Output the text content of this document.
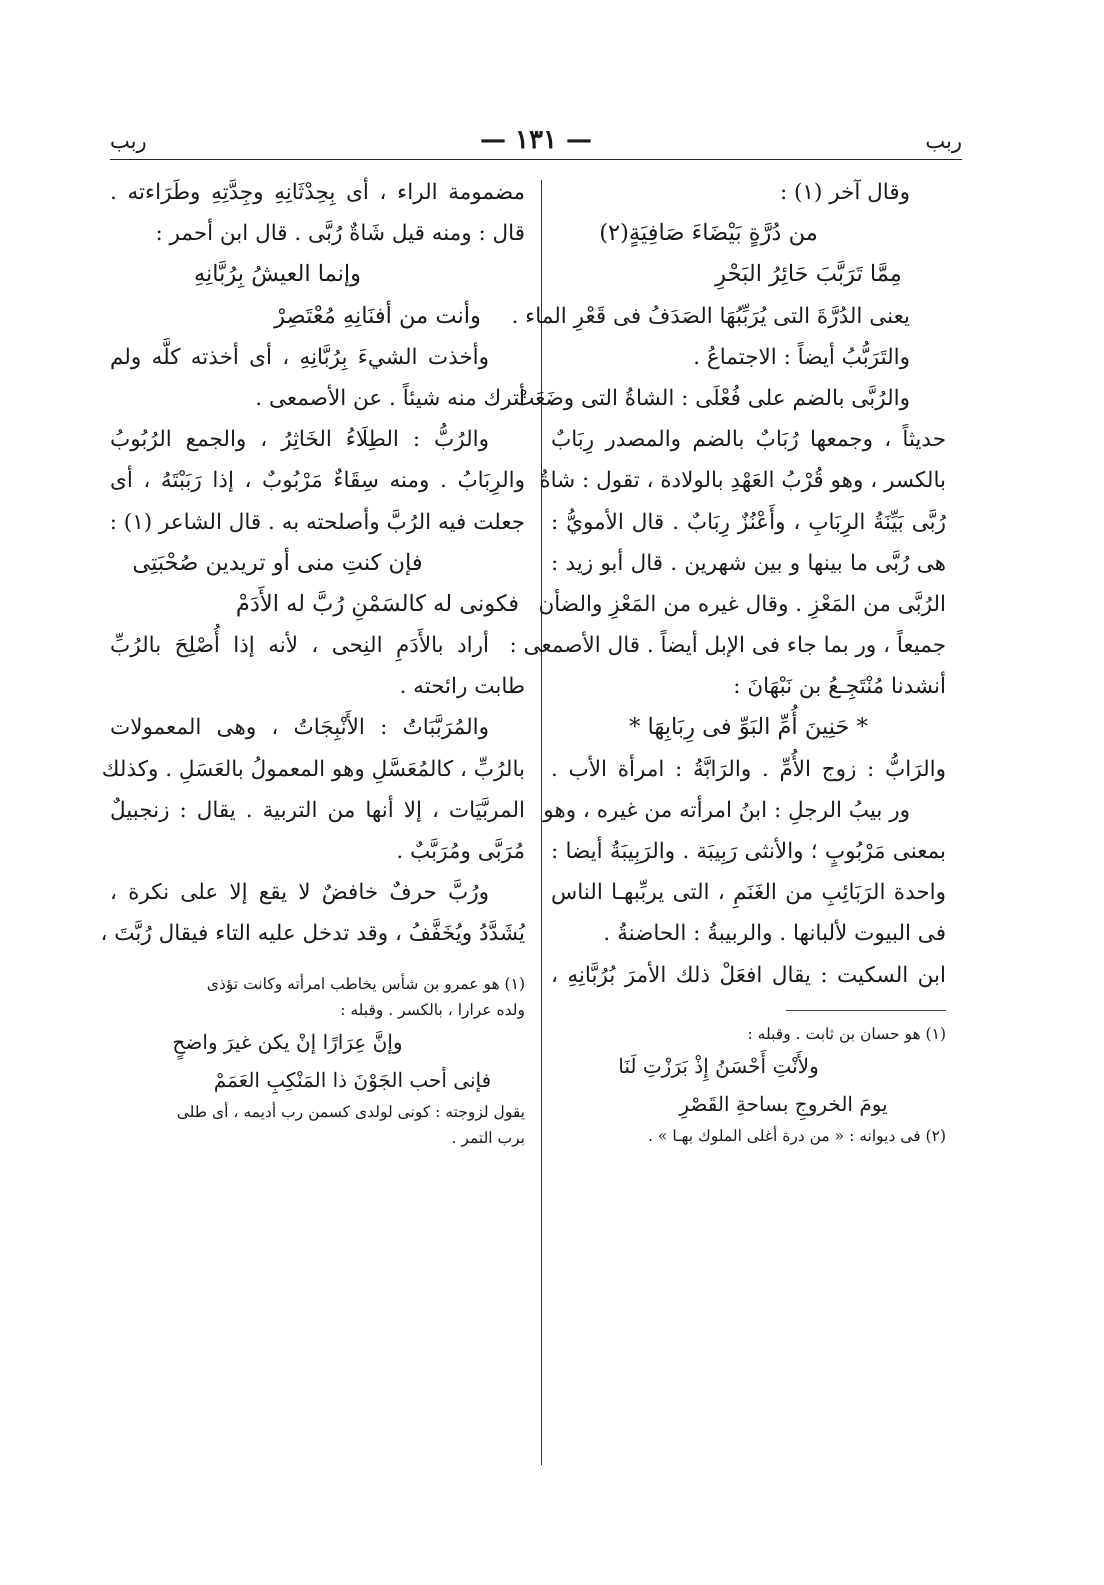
ربب
— ١٣١ —
ربب
وقال آخر (١) :
من دُرَّةٍ بَيْضَاءَ صَافِيَةٍ(٢)
مِمَّا تَرَبَّبَ حَائِرُ البَحْرِ
يعنى الدُرَّةَ التى يُرَبِّبُهَا الصَدَفُ فى قَعْرِ الماء .
والتَرَبُّبُ أيضاً : الاجتماعُ .
والرُبَّى بالضم على فُعْلَى : الشاةُ التى وضَعَتْ
حديثاً ، وجمعها رُبَابٌ بالضم والمصدر رِبَابٌ
بالكسر ، وهو قُرْبُ العَهْدِ بالولادة ، تقول : شاةٌ
رُبَّى بَيِّنَةُ الرِبَابِ ، وأَعْنُزٌ رِبَابٌ . قال الأمويُّ :
هى رُبَّى ما بينها و بين شهرين . قال أبو زيد :
الرُبَّى من المَعْزِ . وقال غيره من المَعْزِ والضأن
جميعاً ، ور بما جاء فى الإبل أيضاً . قال الأصمعى :
أنشدنا مُنْتَجِـعُ بن نَبْهَانَ :
* حَنِينَ أُمِّ البَوِّ فى رِبَابِهَا *
والرَابُّ : زوج الأُمِّ . والرَابَّةُ : امرأة الأب .
ور بيبُ الرجلِ : ابنُ امرأته من غيره ، وهو
بمعنى مَرْبُوبٍ ؛ والأنثى رَبِيبَة . والرَبِيبَةُ أيضا :
واحدة الرَبَائِبِ من الغَنَمِ ، التى يربِّبهـا الناس
فى البيوت لألبانها . والربيبةُ : الحاضنةُ .
ابن السكيت : يقال افعَلْ ذلك الأمرَ بُرُبَّانِهِ ،
(١) هو حسان بن ثابت . وقبله :
ولأَنْتِ أَحْسَنُ إِذْ بَرَزْتِ لَنَا
يومَ الخروجِ بساحةِ القَصْرِ
(٢) فى ديوانه : « من درة أغلى الملوك بهـا » .
مضمومة الراء ، أى بِحِدْثَانِهِ وجِدَّتِهِ وطَرَاءته .
قال : ومنه قيل شَاةٌ رُبَّى . قال ابن أحمر :
وإنما العيشُ بِرُبَّانِهِ
وأنت من أفنَانِهِ مُعْتَصِرْ
وأخذت الشيءَ بِرُبَّانِهِ ، أى أخذته كلَّه ولم
أترك منه شيئاً . عن الأصمعى .
والرُبُّ : الطِلَاءُ الخَاثِرُ ، والجمع الرُبُوبُ
والرِبَابُ . ومنه سِقَاءٌ مَرْبُوبٌ ، إذا رَبَبْتَهُ ، أى
جعلت فيه الرُبَّ وأصلحته به . قال الشاعر (١) :
فإن كنتِ منى أو تريدين صُحْبَتِى
فكونى له كالسَمْنِ رُبَّ له الأَدَمْ
أراد بالأَدَمِ النِحى ، لأنه إذا أُصْلِحَ بالرُبِّ
طابت رائحته .
والمُرَبَّبَاتُ : الأَنْبِجَاتُ ، وهى المعمولات
بالرُبِّ ، كالمُعَسَّلِ وهو المعمولُ بالعَسَلِ . وكذلك
المربَّيَات ، إلا أنها من التربية . يقال : زنجبيلٌ
مُرَبَّى ومُرَبَّبٌ .
ورُبَّ حرفٌ خافضٌ لا يقع إلا على نكرة ،
يُشَدَّدُ ويُخَفَّفُ ، وقد تدخل عليه التاء فيقال رُبَّتَ ،
(١) هو عمرو بن شأس يخاطب امرأته وكانت تؤذى
ولده عرارا ، بالكسر . وقبله :
وإنَّ عِرَارًا إنْ يكن غيرَ واضحٍ
فإنى أحب الجَوْنَ ذا المَنْكِبِ العَمَمْ
يقول لزوجته : كونى لولدى كسمن رب أديمه ، أى طلى
برب التمر .
